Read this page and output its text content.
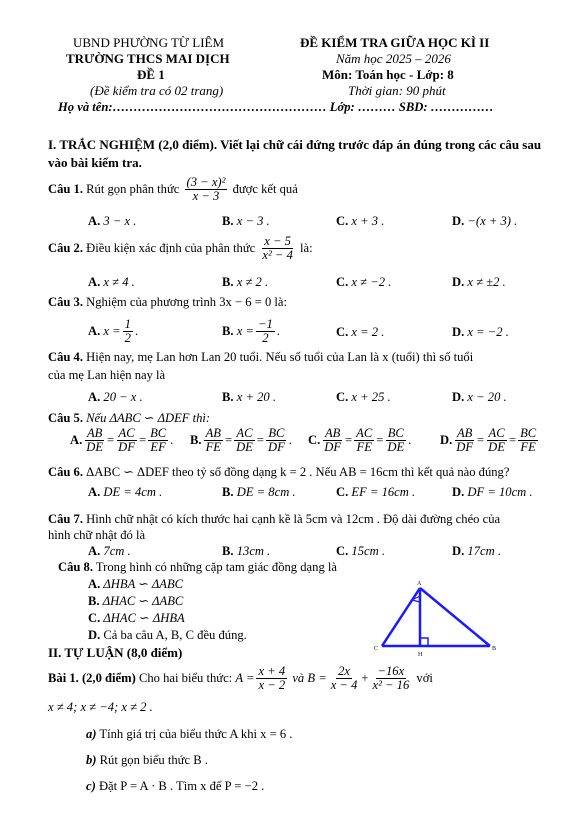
UBND PHƯỜNG TỪ LIÊM
TRƯỜNG THCS MAI DỊCH
ĐỀ 1
(Đề kiểm tra có 02 trang)
ĐỀ KIỂM TRA GIỮA HỌC KÌ II
Năm học 2025 – 2026
Môn: Toán học - Lớp: 8
Thời gian: 90 phút
Họ và tên:…………………………………………… Lớp: ……… SBD: ……………
I. TRẮC NGHIỆM (2,0 điểm). Viết lại chữ cái đứng trước đáp án đúng trong các câu sau vào bài kiểm tra.
Câu 1. Rút gọn phân thức $\frac{\text{(3 − x)²}}{x - 3}$ được kết quả
A. 3 − x .	B. x − 3 .	C. x + 3 .	D. −(x + 3) .
Câu 2. Điều kiện xác định của phân thức $\frac{x - 5}{\text{x² − 4}}$ là:
A. x ≠ 4 .	B. x ≠ 2 .	C. x ≠ −2 .	D. x ≠ ±2 .
Câu 3. Nghiệm của phương trình 3x − 6 = 0 là:
A. $x = \frac{1}{2}$ .	B. $x = \frac{-1}{2}$ .	C. x = 2 .	D. x = −2 .
Câu 4. Hiện nay, mẹ Lan hơn Lan 20 tuổi. Nếu số tuổi của Lan là x (tuổi) thì số tuổi
của mẹ Lan hiện nay là
A. 20 − x .	B. x + 20 .	C. x + 25 .	D. x − 20 .
Câu 5. Nếu ΔABC ∽ ΔDEF thì:
A. $\frac{AB}{DE} = \frac{AC}{DF} = \frac{BC}{EF}$ . B. $\frac{AB}{FE} = \frac{AC}{DE} = \frac{BC}{DF}$ . C. $\frac{AB}{DF} = \frac{AC}{FE} = \frac{BC}{DE}$ . D. $\frac{AB}{DF} = \frac{AC}{DE} = \frac{BC}{FE}$
Câu 6. ΔABC ∽ ΔDEF theo tỷ số đồng dạng k = 2 . Nếu AB = 16cm thì kết quả nào đúng?
A. DE = 4cm .	B. DE = 8cm .	C. EF = 16cm .	D. DF = 10cm .
Câu 7. Hình chữ nhật có kích thước hai cạnh kề là 5cm và 12cm . Độ dài đường chéo của
hình chữ nhật đó là
A. 7cm .	B. 13cm .	C. 15cm .	D. 17cm .
Câu 8. Trong hình có những cặp tam giác đồng dạng là
A. ΔHBA ∽ ΔABC
B. ΔHAC ∽ ΔABC
C. ΔHAC ∽ ΔHBA
D. Cả ba câu A, B, C đều đúng.
A
C	B
H
II. TỰ LUẬN (8,0 điểm)
Bài 1. (2,0 điểm) Cho hai biểu thức: $A = \frac{x + 4}{x - 2}$ và $B = \frac{2x}{x - 4} + \frac{-16x}{\text{x² − 16}}$ với
x ≠ 4; x ≠ −4; x ≠ 2 .
a) Tính giá trị của biểu thức A khi x = 6 .
b) Rút gọn biểu thức B .
c) Đặt P = A · B . Tìm x để P = −2 .
